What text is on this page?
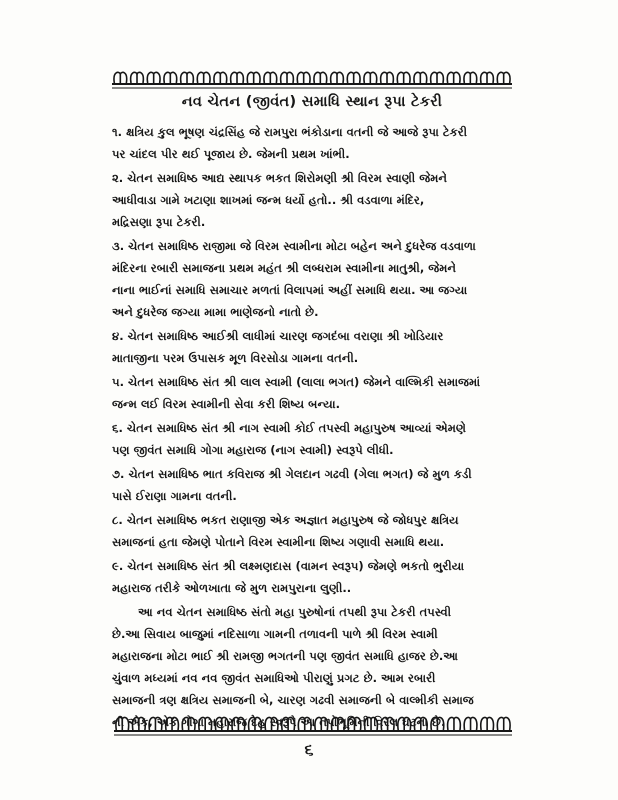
નવ ચેતન (જીવંત) સમાધિ સ્થાન રૂપા ટેકરી

૧. ક્ષત્રિય કુલ ભૂષણ ચંદ્રસિંહ જે રામપુરા ભંકોડાના વતની જે આજે રૂપા ટેકરી
પર ચાંદલ પીર થઈ પૂજાય છે. જેમની પ્રથમ ખાંભી.

૨. ચેતન સમાધિષ્ઠ આદ્ય સ્થાપક ભકત શિરોમણી શ્રી વિરમ સ્વાણી જેમને
આધીવાડા ગામે ખટાણા શાખમાં જન્મ ધર્યો હતો.. શ્રી વડવાળા મંદિર,
મદ્રિસણા રૂપા ટેકરી.

૩. ચેતન સમાધિષ્ઠ રાજીમા જે વિરમ સ્વામીના મોટા બહેન અને દુધરેજ વડવાળા
મંદિરના રબારી સમાજના પ્રથમ મહંત શ્રી લબ્ધરામ સ્વામીના માતુશ્રી, જેમને
નાના ભાઈનાં સમાધિ સમાચાર મળતાં વિલાપમાં અહીં સમાધિ થયા. આ જગ્યા
અને દુધરેજ જગ્યા મામા ભાણેજનો નાતો છે.

૪. ચેતન સમાધિષ્ઠ આઈશ્રી લાધીમાં ચારણ જગદંબા વરાણા શ્રી ખોડિયાર
માતાજીના પરમ ઉપાસક મૂળ વિરસોડા ગામના વતની.

૫. ચેતન સમાધિષ્ઠ સંત શ્રી લાલ સ્વામી (લાલા ભગત) જેમને વાલ્મિકી સમાજમાં
જન્મ લઈ વિરમ સ્વામીની સેવા કરી શિષ્ય બન્યા.

૬. ચેતન સમાધિષ્ઠ સંત શ્રી નાગ સ્વામી કોઈ તપસ્વી મહાપુરુષ આવ્યાં એમણે
પણ જીવંત સમાધિ ગોગા મહારાજ (નાગ સ્વામી) સ્વરૂપે લીધી.

૭. ચેતન સમાધિષ્ઠ ભાત કવિરાજ શ્રી ગેલદાન ગઢવી (ગેલા ભગત) જે મુળ કડી
પાસે ઈરાણા ગામના વતની.

૮. ચેતન સમાધિષ્ઠ ભકત રાણાજી એક અજ્ઞાત મહાપુરુષ જે જોધપુર ક્ષત્રિય
સમાજનાં હતા જેમણે પોતાને વિરમ સ્વામીના શિષ્ય ગણાવી સમાધિ થયા.

૯. ચેતન સમાધિષ્ઠ સંત શ્રી લક્ષ્મણદાસ (વામન સ્વરૂપ) જેમણે ભકતો ભુરીયા
મહારાજ તરીકે ઓળખાતા જે મુળ રામપુરાના લુણી..

આ નવ ચેતન સમાધિષ્ઠ સંતો મહા પુરુષોનાં તપથી રૂપા ટેકરી તપસ્વી
છે.આ સિવાય બાજુમાં નદિસાળા ગામની તળાવની પાળે શ્રી વિરમ સ્વામી
મહારાજના મોટા ભાઈ શ્રી રામજી ભગતની પણ જીવંત સમાધિ હાજર છે.આ
ચુંવાળ મધ્યમાં નવ નવ જીવંત સમાધિઓ પીરાણું પ્રગટ છે. આમ રબારી
સમાજની ત્રણ ક્ષત્રિય સમાજની બે, ચારણ ગઢવી સમાજની બે વાલ્મીકી સમાજ
ની એક, એક ગોગા મહારાજ દેહ સ્વરૂપે આ તપોભૂમિની વિરલ ઘટના છે.

૬
